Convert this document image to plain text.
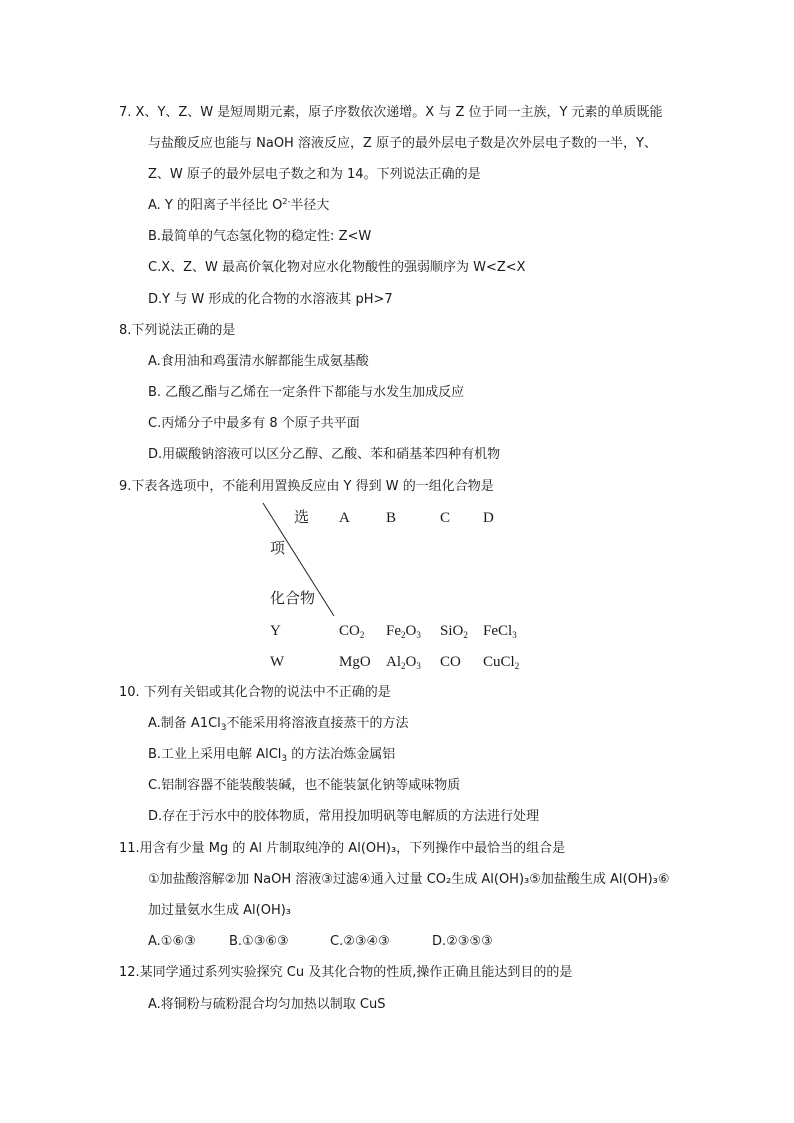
7. X、Y、Z、W 是短周期元素，原子序数依次递增。X 与 Z 位于同一主族，Y 元素的单质既能
与盐酸反应也能与 NaOH 溶液反应，Z 原子的最外层电子数是次外层电子数的一半，Y、
Z、W 原子的最外层电子数之和为 14。下列说法正确的是
A. Y 的阳离子半径比 $O^{2-}$半径大
B.最简单的气态氢化物的稳定性: Z<W
C.X、Z、W 最高价氧化物对应水化物酸性的强弱顺序为 W<Z<X
D.Y 与 W 形成的化合物的水溶液其 pH>7
8.下列说法正确的是
A.食用油和鸡蛋清水解都能生成氨基酸
B. 乙酸乙酯与乙烯在一定条件下都能与水发生加成反应
C.丙烯分子中最多有 8 个原子共平面
D.用碳酸钠溶液可以区分乙醇、乙酸、苯和硝基苯四种有机物
9.下表各选项中，不能利用置换反应由 Y 得到 W 的一组化合物是
选 A B	C D
项
化合物
Y	$CO_2$ $Fe_2O_3$ SiO$_2$ FeCl$_3$
W	MgO $Al_2O_3$ CO CuCl$_2$
10. 下列有关铝或其化合物的说法中不正确的是
A.制备 $A1Cl_3$不能采用将溶液直接蒸干的方法
B.工业上采用电解 AlCl$_3$ 的方法冶炼金属铝
C.铝制容器不能装酸装碱，也不能装氯化钠等咸味物质
D.存在于污水中的胶体物质，常用投加明矾等电解质的方法进行处理
11.用含有少量 Mg 的 Al 片制取纯净的 Al(OH)₃，下列操作中最恰当的组合是
①加盐酸溶解②加 NaOH 溶液③过滤④通入过量 CO₂生成 Al(OH)₃⑤加盐酸生成 Al(OH)₃⑥
加过量氨水生成 Al(OH)₃
A.①⑥③	B.①③⑥③	C.②③④③	D.②③⑤③
12.某同学通过系列实验探究 Cu 及其化合物的性质,操作正确且能达到目的的是
A.将铜粉与硫粉混合均匀加热以制取 CuS
